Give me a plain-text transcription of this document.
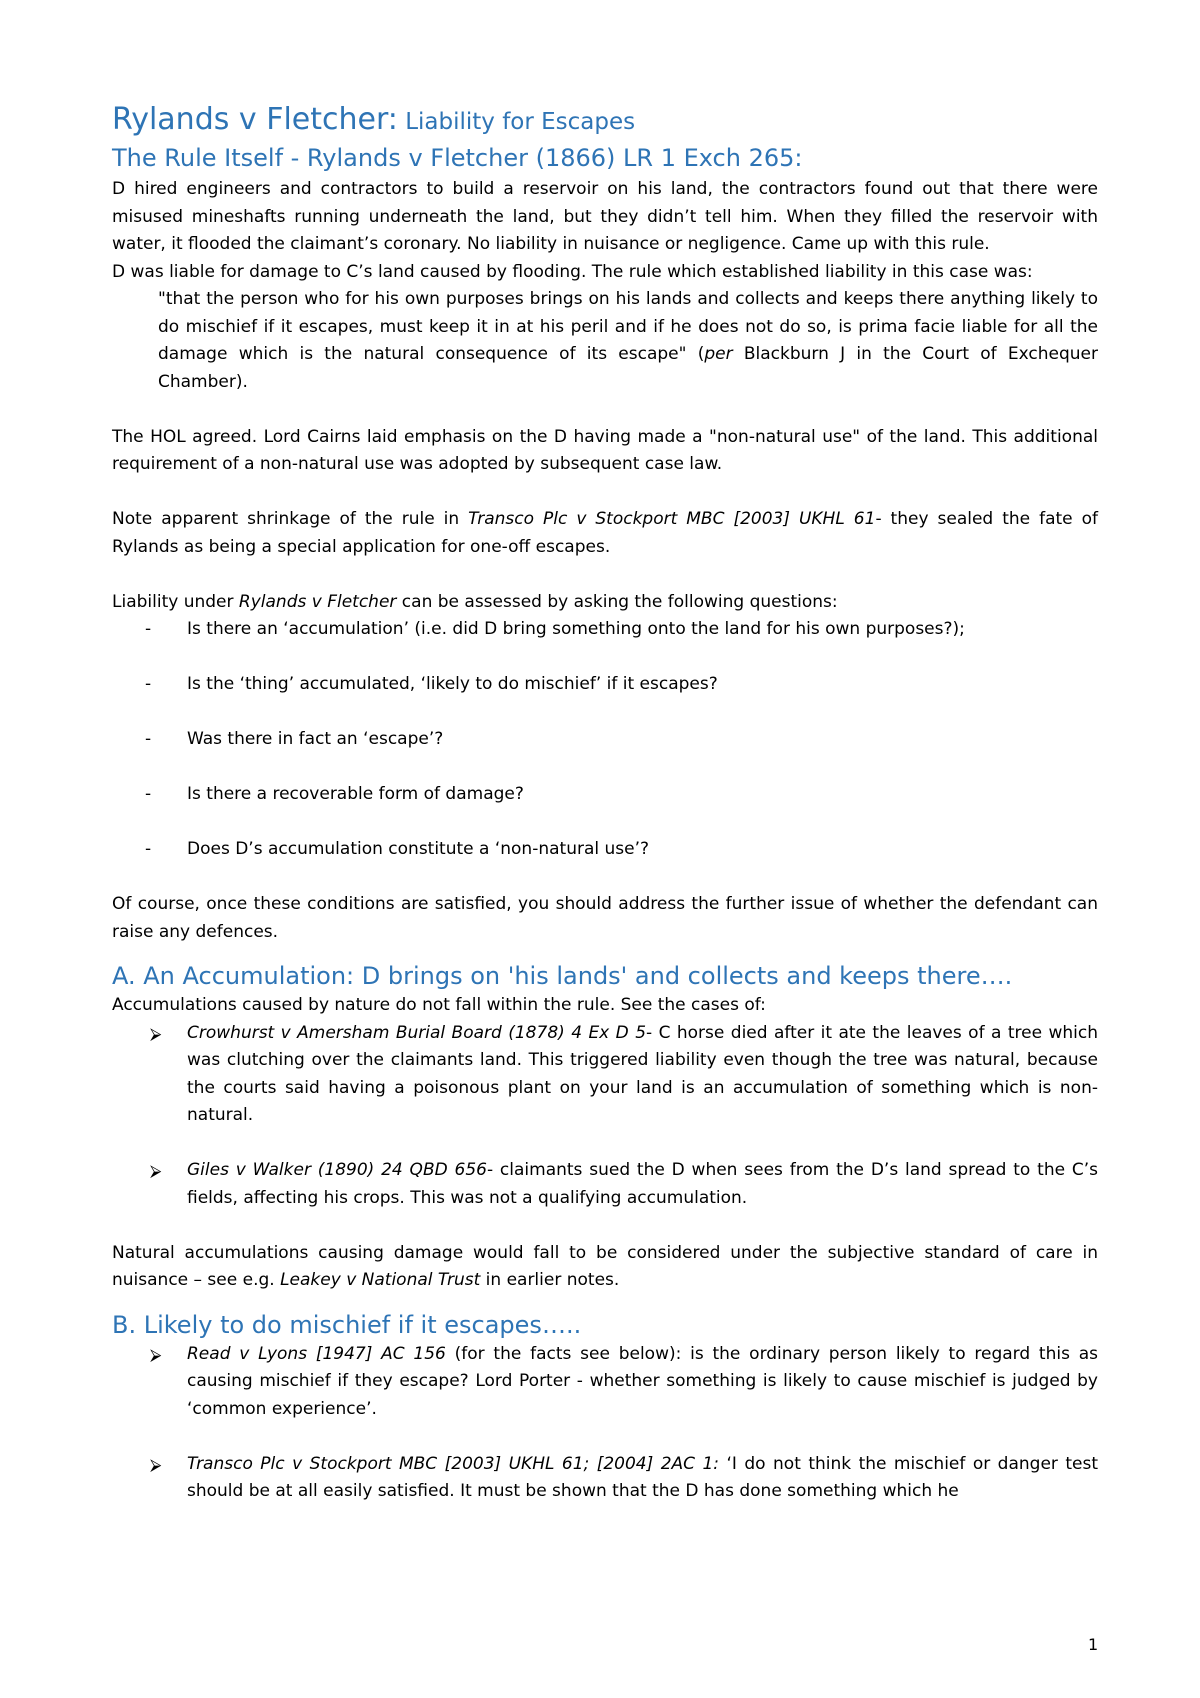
Rylands v Fletcher: Liability for Escapes
The Rule Itself - Rylands v Fletcher (1866) LR 1 Exch 265:

D hired engineers and contractors to build a reservoir on his land, the contractors found out that there were misused mineshafts running underneath the land, but they didn’t tell him. When they filled the reservoir with water, it flooded the claimant’s coronary. No liability in nuisance or negligence. Came up with this rule.

D was liable for damage to C’s land caused by flooding. The rule which established liability in this case was:

"that the person who for his own purposes brings on his lands and collects and keeps there anything likely to do mischief if it escapes, must keep it in at his peril and if he does not do so, is prima facie liable for all the damage which is the natural consequence of its escape" (per Blackburn J in the Court of Exchequer Chamber).

The HOL agreed. Lord Cairns laid emphasis on the D having made a "non-natural use" of the land. This additional requirement of a non-natural use was adopted by subsequent case law.

Note apparent shrinkage of the rule in Transco Plc v Stockport MBC [2003] UKHL 61- they sealed the fate of Rylands as being a special application for one-off escapes.

Liability under Rylands v Fletcher can be assessed by asking the following questions:

- Is there an ‘accumulation’ (i.e. did D bring something onto the land for his own purposes?);
- Is the ‘thing’ accumulated, ‘likely to do mischief’ if it escapes?
- Was there in fact an ‘escape’?
- Is there a recoverable form of damage?
- Does D’s accumulation constitute a ‘non-natural use’?

Of course, once these conditions are satisfied, you should address the further issue of whether the defendant can raise any defences.

A. An Accumulation: D brings on 'his lands' and collects and keeps there….

Accumulations caused by nature do not fall within the rule. See the cases of:

⮚ Crowhurst v Amersham Burial Board (1878) 4 Ex D 5- C horse died after it ate the leaves of a tree which was clutching over the claimants land. This triggered liability even though the tree was natural, because the courts said having a poisonous plant on your land is an accumulation of something which is non-natural.
⮚ Giles v Walker (1890) 24 QBD 656- claimants sued the D when sees from the D’s land spread to the C’s fields, affecting his crops. This was not a qualifying accumulation.

Natural accumulations causing damage would fall to be considered under the subjective standard of care in nuisance – see e.g. Leakey v National Trust in earlier notes.

B. Likely to do mischief if it escapes…..
⮚ Read v Lyons [1947] AC 156 (for the facts see below): is the ordinary person likely to regard this as causing mischief if they escape? Lord Porter - whether something is likely to cause mischief is judged by ‘common experience’.
⮚ Transco Plc v Stockport MBC [2003] UKHL 61; [2004] 2AC 1: ‘I do not think the mischief or danger test should be at all easily satisfied. It must be shown that the D has done something which he
1
